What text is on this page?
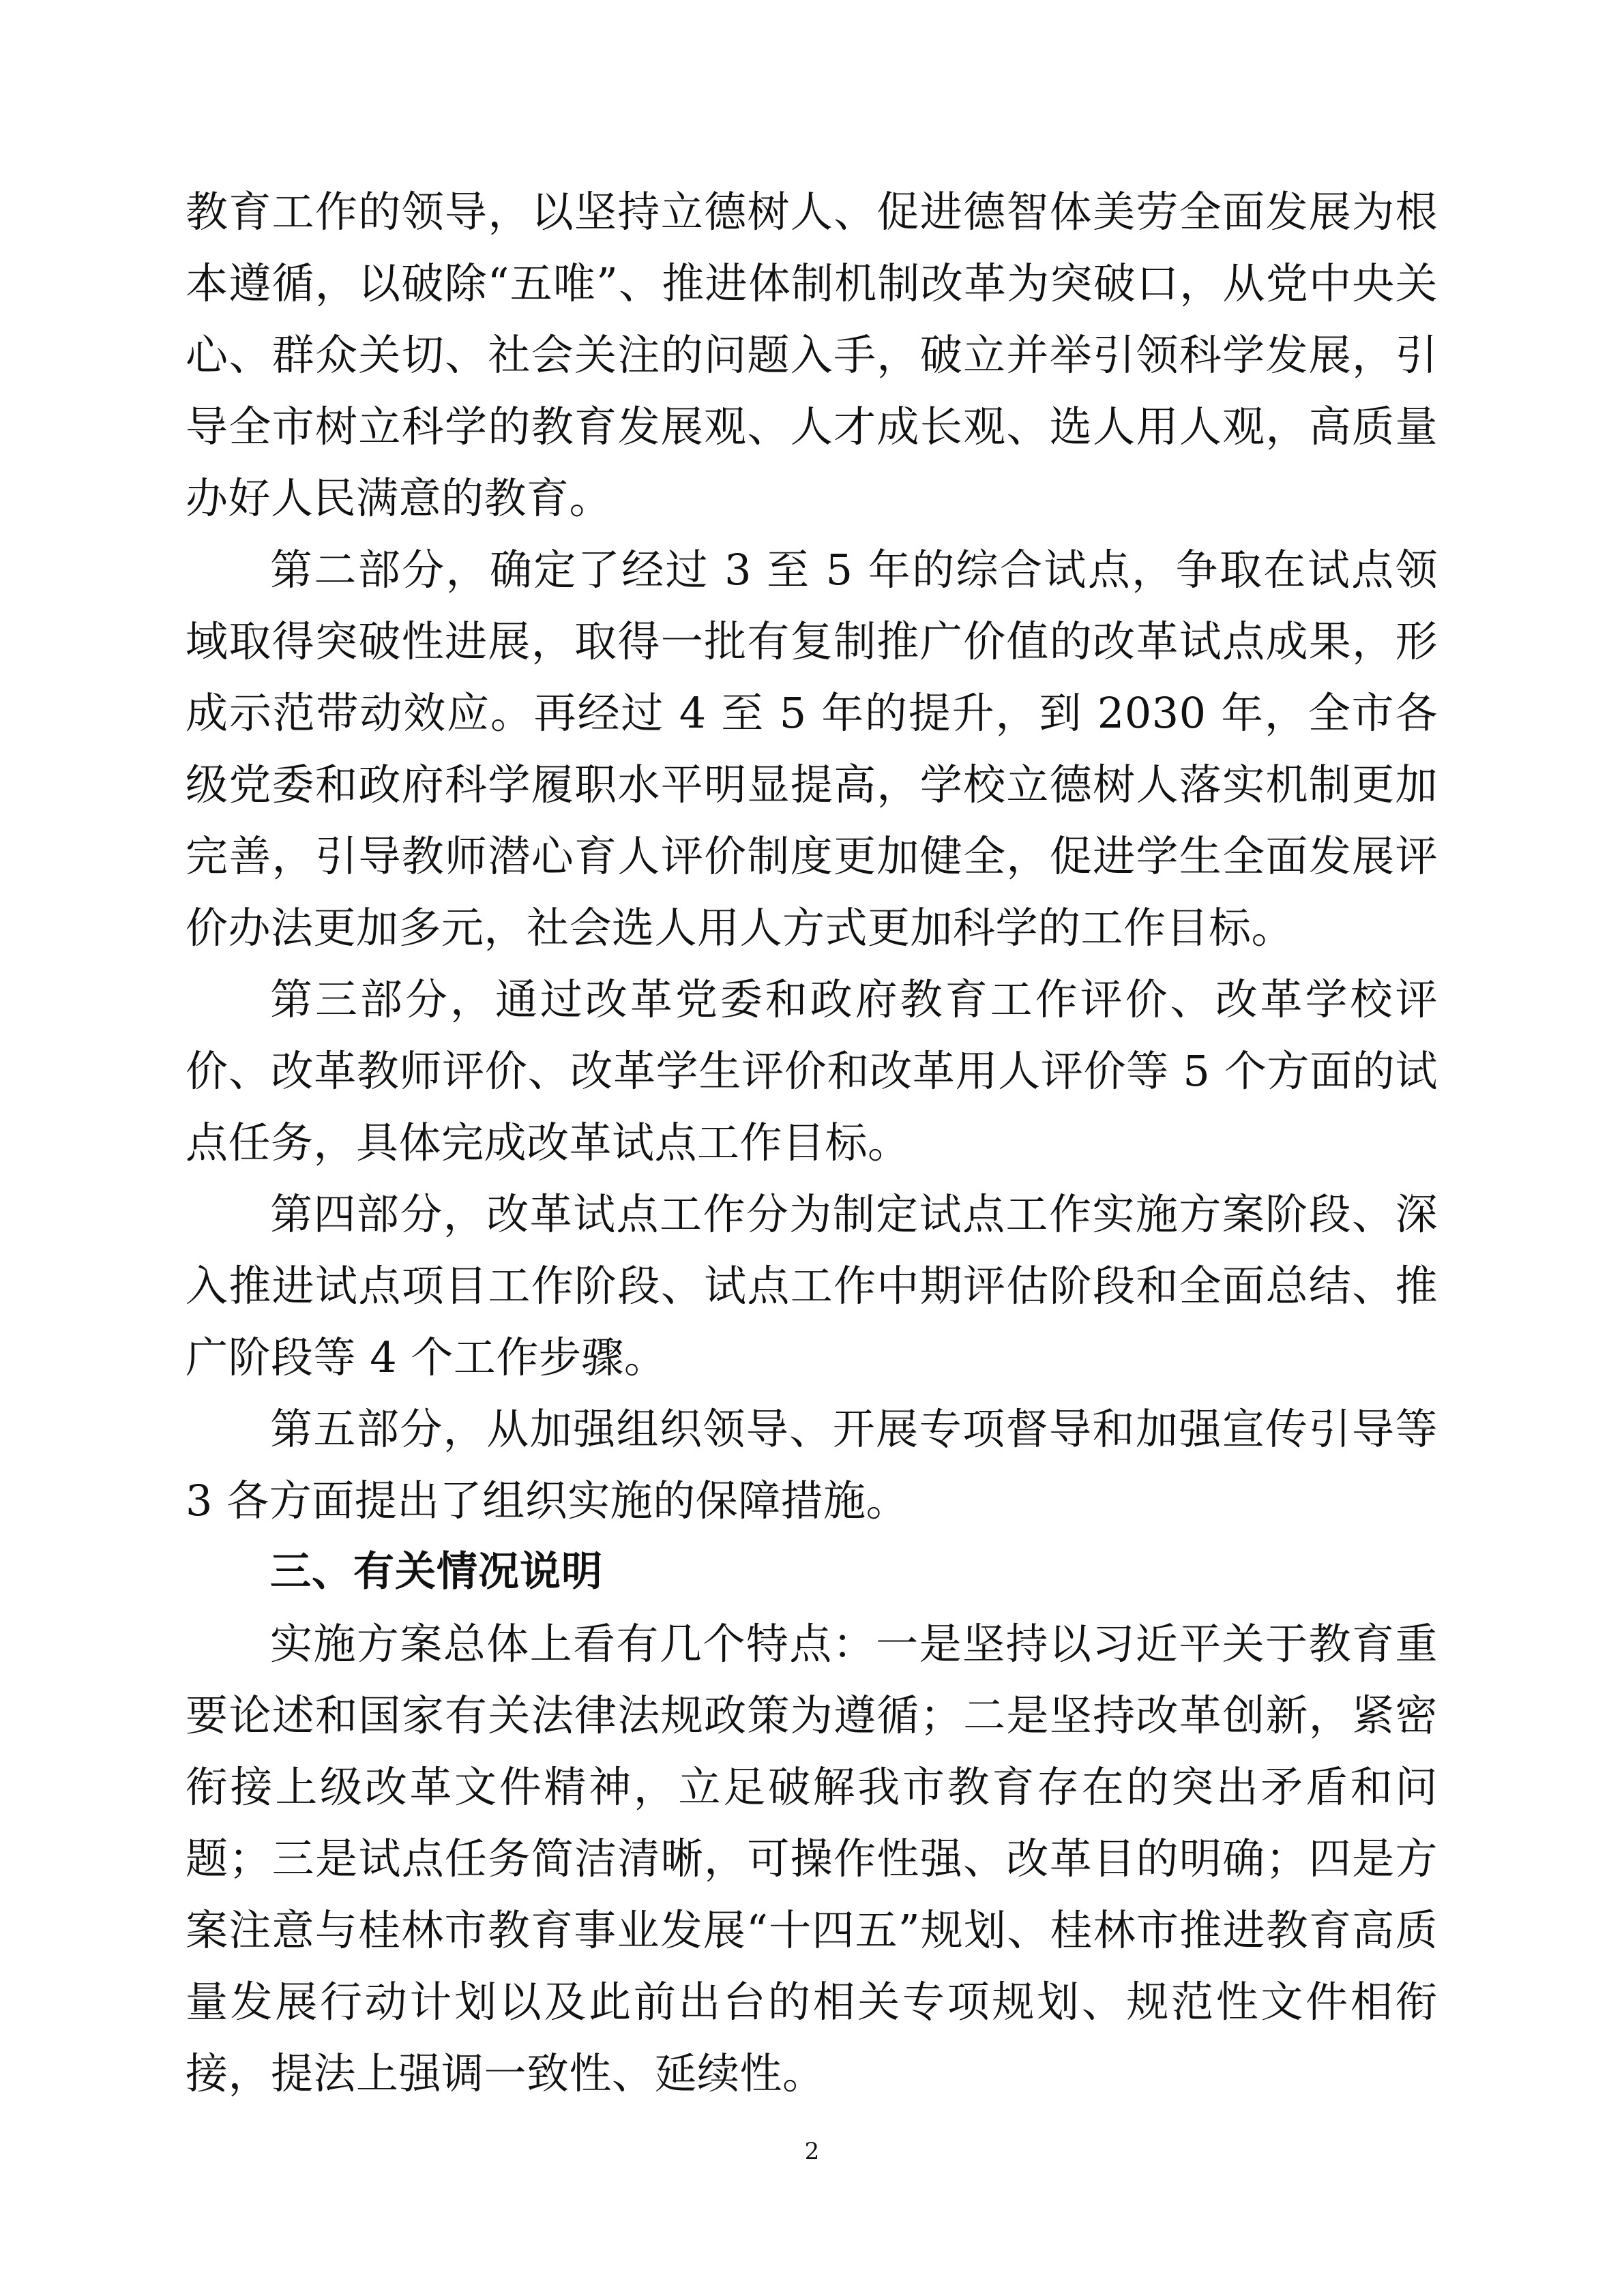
教育工作的领导，以坚持立德树人、促进德智体美劳全面发展为根本遵循，以破除“五唯”、推进体制机制改革为突破口，从党中央关心、群众关切、社会关注的问题入手，破立并举引领科学发展，引导全市树立科学的教育发展观、人才成长观、选人用人观，高质量办好人民满意的教育。

第二部分，确定了经过 3 至 5 年的综合试点，争取在试点领域取得突破性进展，取得一批有复制推广价值的改革试点成果，形成示范带动效应。再经过 4 至 5 年的提升，到 2030 年，全市各级党委和政府科学履职水平明显提高，学校立德树人落实机制更加完善，引导教师潜心育人评价制度更加健全，促进学生全面发展评价办法更加多元，社会选人用人方式更加科学的工作目标。

第三部分，通过改革党委和政府教育工作评价、改革学校评价、改革教师评价、改革学生评价和改革用人评价等 5 个方面的试点任务，具体完成改革试点工作目标。

第四部分，改革试点工作分为制定试点工作实施方案阶段、深入推进试点项目工作阶段、试点工作中期评估阶段和全面总结、推广阶段等 4 个工作步骤。

第五部分，从加强组织领导、开展专项督导和加强宣传引导等 3 各方面提出了组织实施的保障措施。

三、有关情况说明

实施方案总体上看有几个特点：一是坚持以习近平关于教育重要论述和国家有关法律法规政策为遵循；二是坚持改革创新，紧密衔接上级改革文件精神，立足破解我市教育存在的突出矛盾和问题；三是试点任务简洁清晰，可操作性强、改革目的明确；四是方案注意与桂林市教育事业发展“十四五”规划、桂林市推进教育高质量发展行动计划以及此前出台的相关专项规划、规范性文件相衔接，提法上强调一致性、延续性。

2
